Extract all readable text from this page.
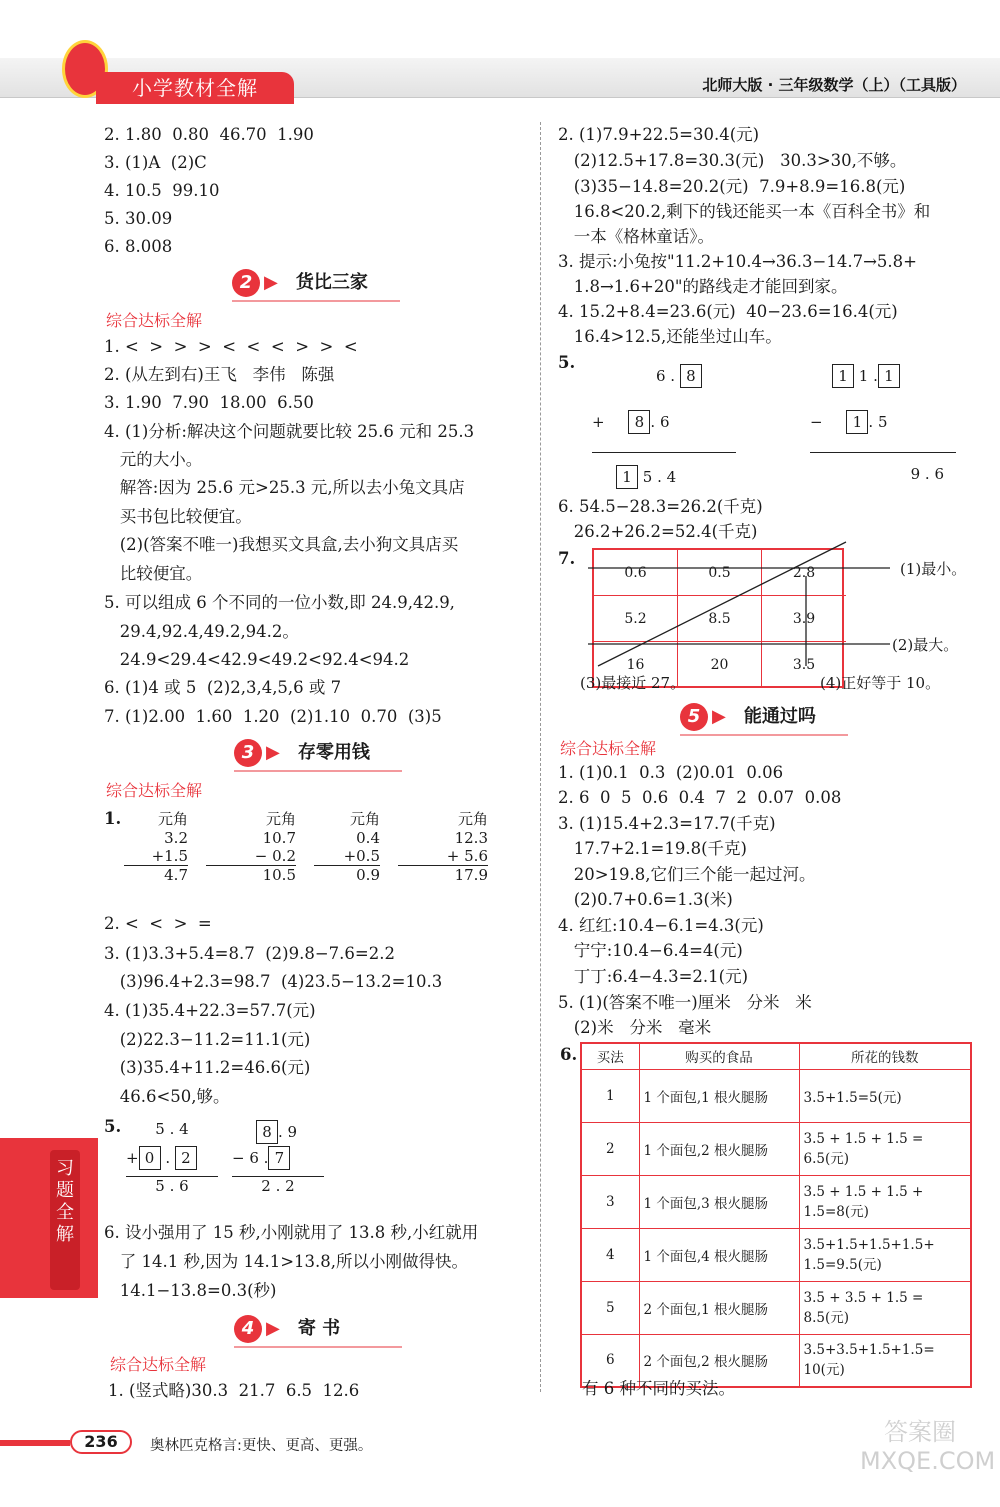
小学教材全解	北师大版 · 三年级数学（上）（工具版）
2. 1.80  0.80  46.70  1.90
3. (1)A  (2)C
4. 10.5  99.10
5. 30.09
6. 8.008
2 ▶ 货比三家
综合达标全解
1. <  >  >  >  <  <  <  >  >  <
2. (从左到右)王飞   李伟   陈强
3. 1.90  7.90  18.00  6.50
4. (1)分析:解决这个问题就要比较 25.6 元和 25.3
元的大小。
解答:因为 25.6 元>25.3 元,所以去小兔文具店
买书包比较便宜。
(2)(答案不唯一)我想买文具盒,去小狗文具店买
比较便宜。
5. 可以组成 6 个不同的一位小数,即 24.9,42.9,
29.4,92.4,49.2,94.2。
24.9<29.4<42.9<49.2<92.4<94.2
6. (1)4 或 5  (2)2,3,4,5,6 或 7
7. (1)2.00  1.60  1.20  (2)1.10  0.70  (3)5
3 ▶ 存零用钱
综合达标全解
1.	元角
3.2
+1.5
4.7
元角
10.7
− 0.2
10.5
元角
0.4
+0.5
0.9
元角
12.3
+ 5.6
17.9
2. <  <  >  =
3. (1)3.3+5.4=8.7  (2)9.8−7.6=2.2
(3)96.4+2.3=98.7  (4)23.5−13.2=10.3
4. (1)35.4+22.3=57.7(元)
(2)22.3−11.2=11.1(元)
(3)35.4+11.2=46.6(元)
46.6<50,够。
5.	5 . 4
+ 0 . 2
5 . 6
8 . 9
− 6 . 7
2 . 2
6. 设小强用了 15 秒,小刚就用了 13.8 秒,小红就用
了 14.1 秒,因为 14.1>13.8,所以小刚做得快。
14.1−13.8=0.3(秒)
4 ▶ 寄 书
综合达标全解
1. (竖式略)30.3  21.7  6.5  12.6
2. (1)7.9+22.5=30.4(元)
(2)12.5+17.8=30.3(元)   30.3>30,不够。
(3)35−14.8=20.2(元)  7.9+8.9=16.8(元)
16.8<20.2,剩下的钱还能买一本《百科全书》和
一本《格林童话》。
3. 提示:小兔按"11.2+10.4→36.3−14.7→5.8+
1.8→1.6+20"的路线走才能回到家。
4. 15.2+8.4=23.6(元)  40−23.6=16.4(元)
16.4>12.5,还能坐过山车。
5.
6 . 8
+ 8 . 6
1 5 . 4
1 1 . 1
− 1 . 5
9 . 6
6. 54.5−28.3=26.2(千克)
26.2+26.2=52.4(千克)
7.
0.6	0.5	2.8
5.2	8.5	3.9
16	20	3.5
(1)最小。
(2)最大。
(3)最接近 27。	(4)正好等于 10。
5 ▶ 能通过吗
综合达标全解
1. (1)0.1  0.3  (2)0.01  0.06
2. 6  0  5  0.6  0.4  7  2  0.07  0.08
3. (1)15.4+2.3=17.7(千克)
17.7+2.1=19.8(千克)
20>19.8,它们三个能一起过河。
(2)0.7+0.6=1.3(米)
4. 红红:10.4−6.1=4.3(元)
宁宁:10.4−6.4=4(元)
丁丁:6.4−4.3=2.1(元)
5. (1)(答案不唯一)厘米   分米   米
(2)米   分米   毫米
6. 买法	购买的食品	所花的钱数
1	1 个面包,1 根火腿肠	3.5+1.5=5(元)
2	1 个面包,2 根火腿肠	3.5 + 1.5 + 1.5 = 6.5(元)
3	1 个面包,3 根火腿肠	3.5 + 1.5 + 1.5 + 1.5=8(元)
4	1 个面包,4 根火腿肠	3.5+1.5+1.5+1.5+ 1.5=9.5(元)
5	2 个面包,1 根火腿肠	3.5 + 3.5 + 1.5 = 8.5(元)
6	2 个面包,2 根火腿肠	3.5+3.5+1.5+1.5= 10(元)
有 6 种不同的买法。
习题全解
236	奥林匹克格言:更快、更高、更强。	答案圈 MXQE.COM
